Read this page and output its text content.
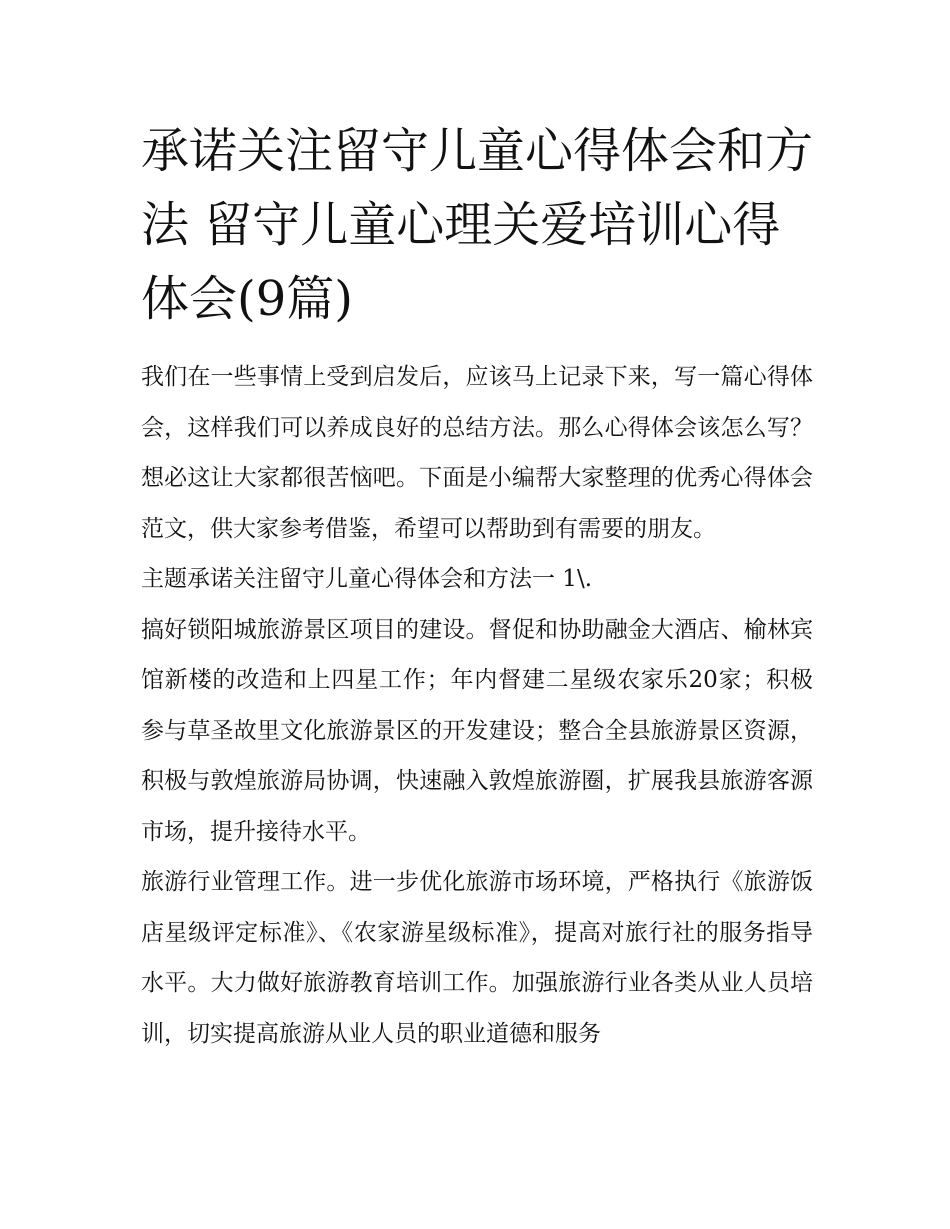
承诺关注留守儿童心得体会和方法 留守儿童心理关爱培训心得体会(9篇)

我们在一些事情上受到启发后，应该马上记录下来，写一篇心得体会，这样我们可以养成良好的总结方法。那么心得体会该怎么写？想必这让大家都很苦恼吧。下面是小编帮大家整理的优秀心得体会范文，供大家参考借鉴，希望可以帮助到有需要的朋友。

主题承诺关注留守儿童心得体会和方法一 1\.

搞好锁阳城旅游景区项目的建设。督促和协助融金大酒店、榆林宾馆新楼的改造和上四星工作；年内督建二星级农家乐20家；积极参与草圣故里文化旅游景区的开发建设；整合全县旅游景区资源，积极与敦煌旅游局协调，快速融入敦煌旅游圈，扩展我县旅游客源市场，提升接待水平。

旅游行业管理工作。进一步优化旅游市场环境，严格执行《旅游饭店星级评定标准》、《农家游星级标准》，提高对旅行社的服务指导水平。大力做好旅游教育培训工作。加强旅游行业各类从业人员培训，切实提高旅游从业人员的职业道德和服务
